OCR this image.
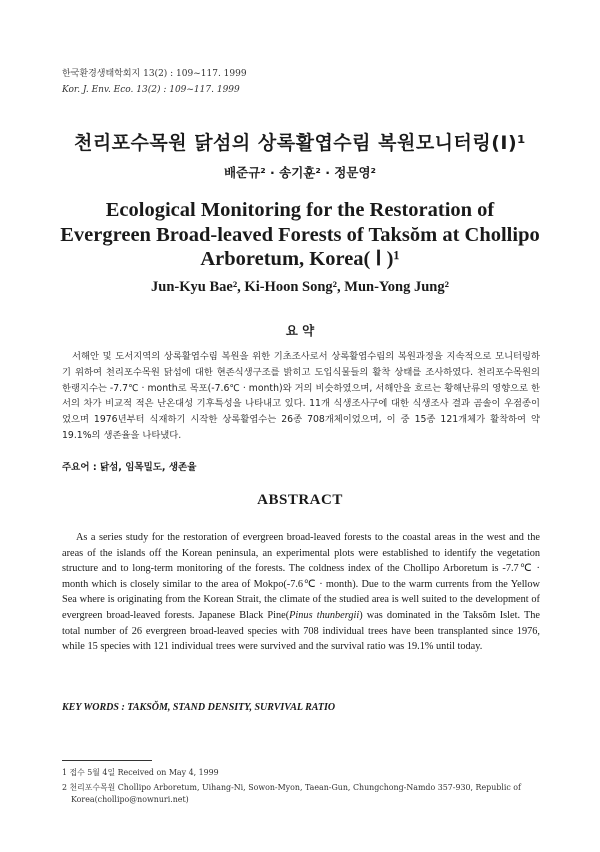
한국환경생태학회지 13(2) : 109~117. 1999
Kor. J. Env. Eco. 13(2) : 109~117. 1999
천리포수목원 닭섬의 상록활엽수림 복원모니터링(Ⅰ)¹
배준규² · 송기훈² · 정문영²
Ecological Monitoring for the Restoration of Evergreen Broad-leaved Forests of Taksŏm at Chollipo Arboretum, Korea( Ⅰ )¹
Jun-Kyu Bae², Ki-Hoon Song², Mun-Yong Jung²
요 약

서해안 및 도서지역의 상록활엽수림 복원을 위한 기초조사로서 상록활엽수림의 복원과정을 지속적으로 모니터링하기 위하여 천리포수목원 닭섬에 대한 현존식생구조를 밝히고 도입식물들의 활착 상태를 조사하였다. 천리포수목원의 한랭지수는 -7.7℃ · month로 목포(-7.6℃ · month)와 거의 비슷하였으며, 서해안을 흐르는 황해난류의 영향으로 한서의 차가 비교적 적은 난온대성 기후특성을 나타내고 있다. 11개 식생조사구에 대한 식생조사 결과 곰솔이 우점종이었으며 1976년부터 식재하기 시작한 상록활엽수는 26종 708개체이었으며, 이 중 15종 121개체가 활착하여 약 19.1%의 생존율을 나타냈다.

주요어 : 닭섬, 임목밀도, 생존율
ABSTRACT

As a series study for the restoration of evergreen broad-leaved forests to the coastal areas in the west and the areas of the islands off the Korean peninsula, an experimental plots were established to identify the vegetation structure and to long-term monitoring of the forests. The coldness index of the Chollipo Arboretum is -7.7℃ · month which is closely similar to the area of Mokpo(-7.6℃ · month). Due to the warm currents from the Yellow Sea where is originating from the Korean Strait, the climate of the studied area is well suited to the development of evergreen broad-leaved forests. Japanese Black Pine(Pinus thunbergii) was dominated in the Taksŏm Islet. The total number of 26 evergreen broad-leaved species with 708 individual trees have been transplanted since 1976, while 15 species with 121 individual trees were survived and the survival ratio was 19.1% until today.

KEY WORDS : TAKSŎM, STAND DENSITY, SURVIVAL RATIO

1 접수 5월 4일 Received on May 4, 1999

2 천리포수목원 Chollipo Arboretum, Uihang-Ni, Sowon-Myon, Taean-Gun, Chungchong-Namdo 357-930, Republic of Korea(chollipo@nownuri.net)
